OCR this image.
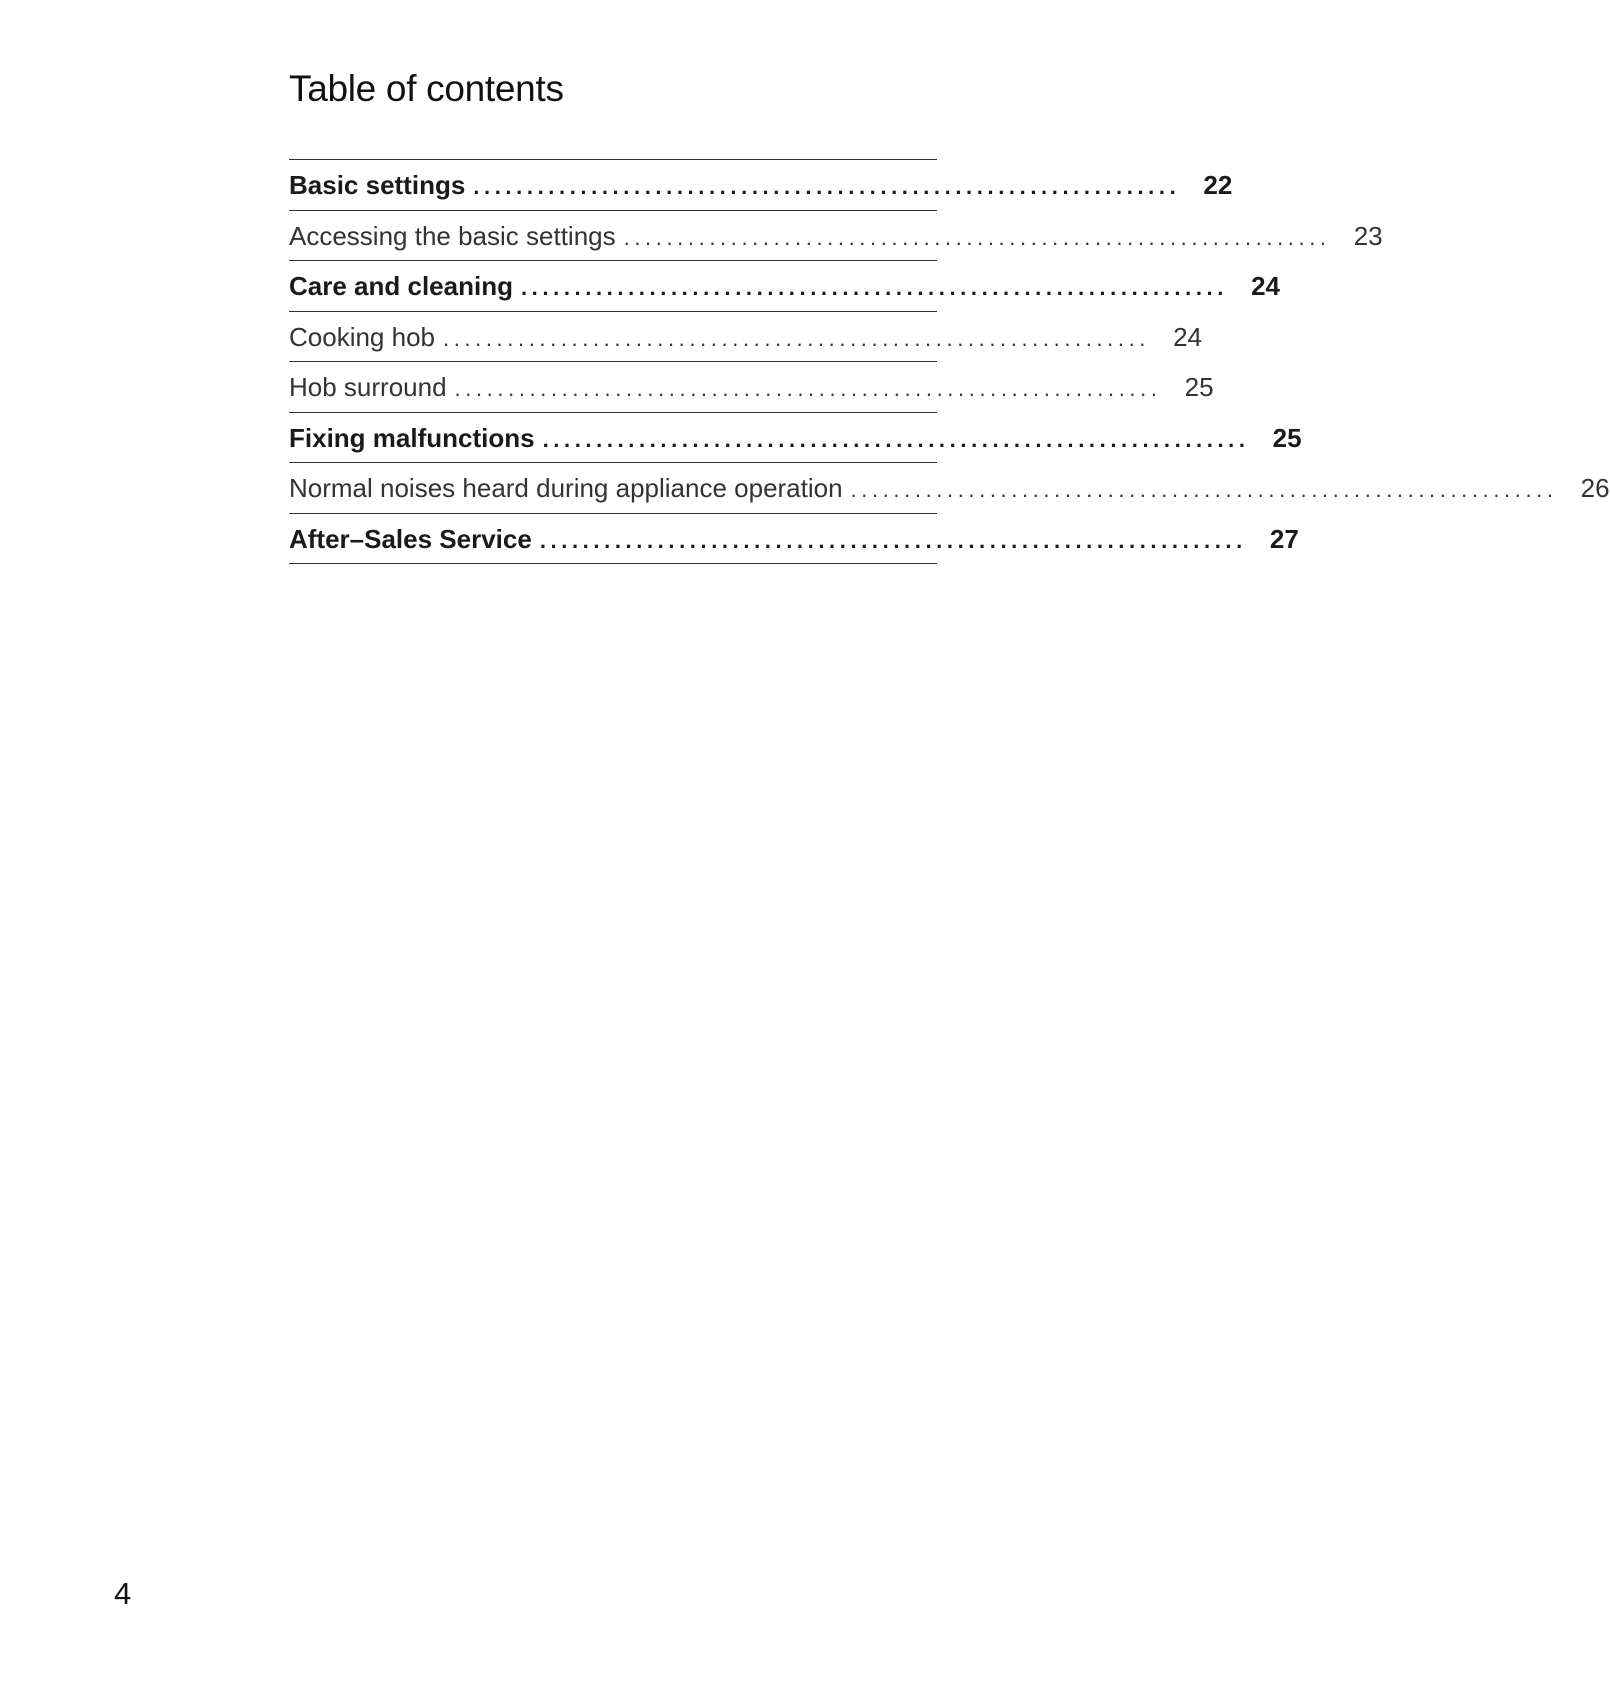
Table of contents
Basic settings .................................................................. 22
Accessing the basic settings .................................................................. 23
Care and cleaning .................................................................. 24
Cooking hob .................................................................. 24
Hob surround .................................................................. 25
Fixing malfunctions .................................................................. 25
Normal noises heard during appliance operation .................................................................. 26
After–Sales Service .................................................................. 27
4
